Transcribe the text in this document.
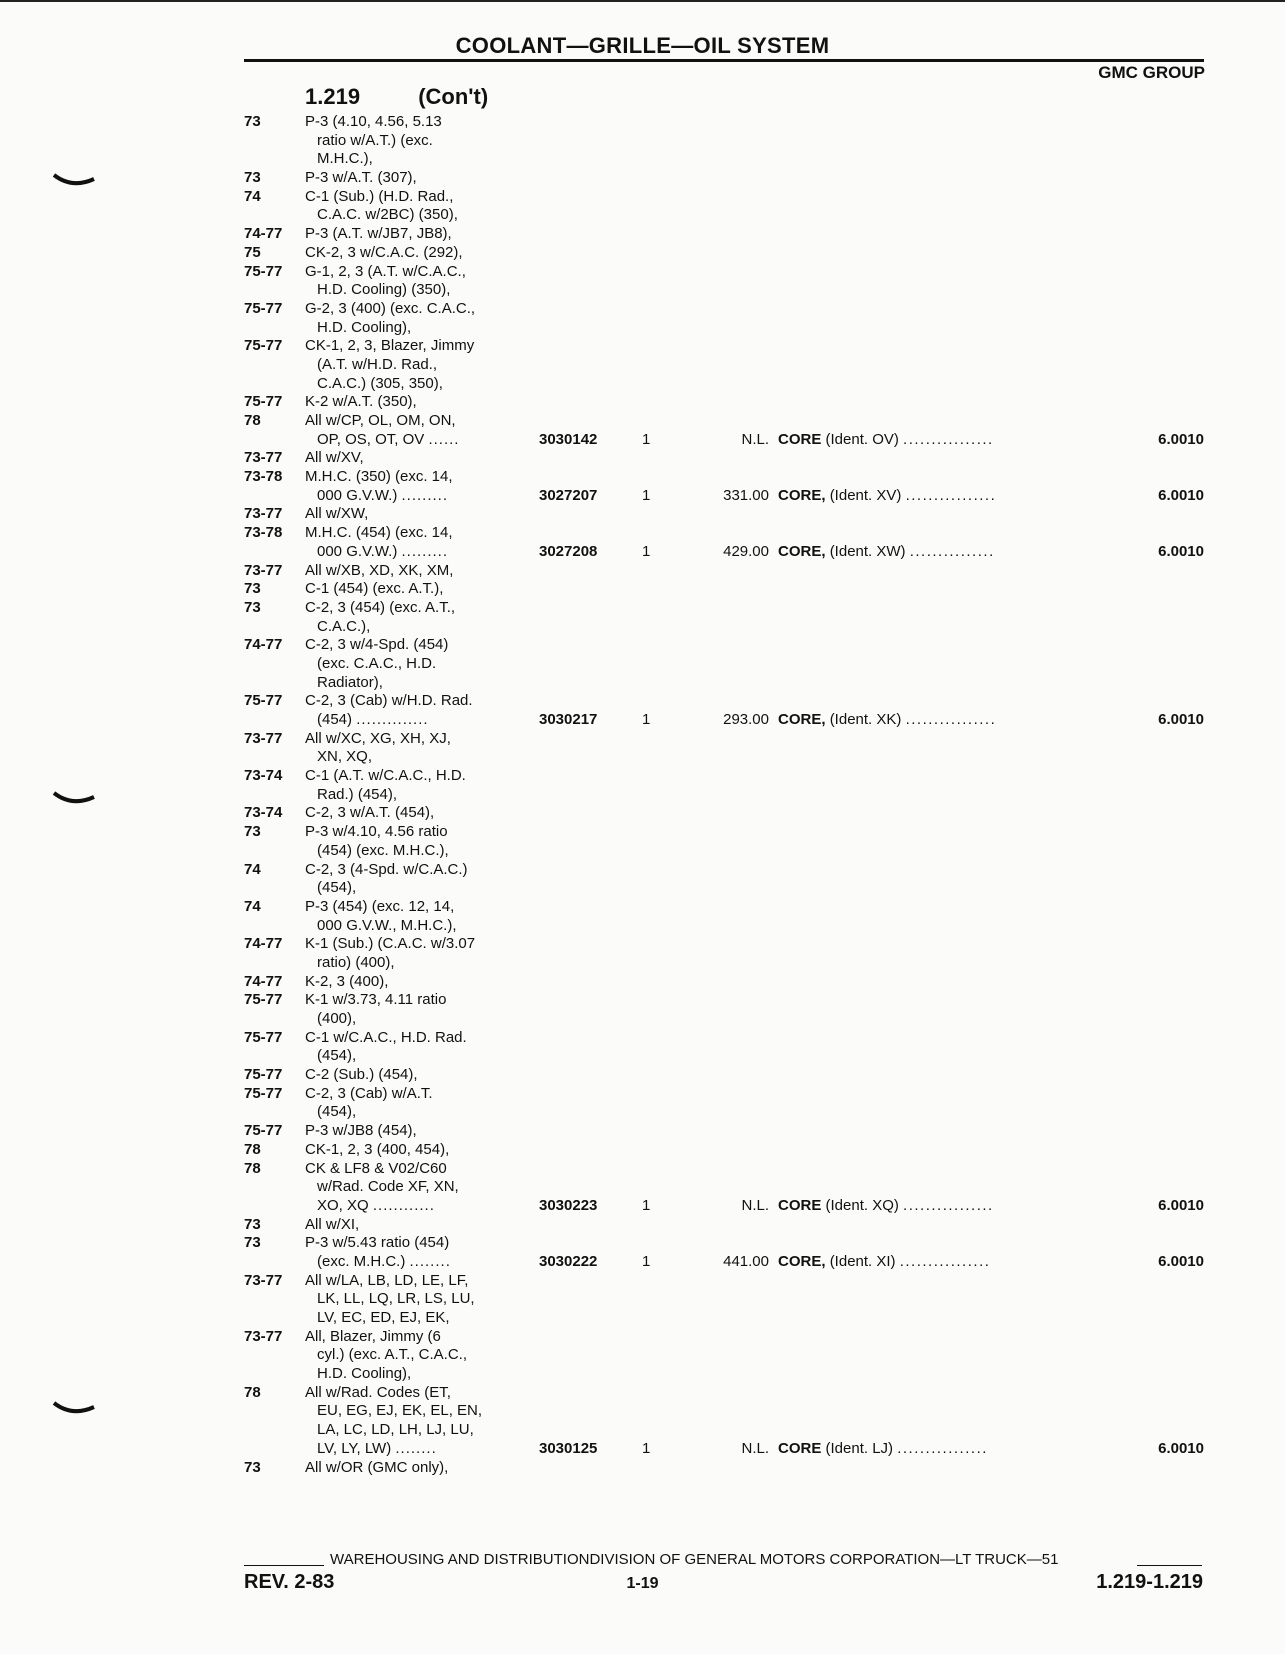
COOLANT—GRILLE—OIL SYSTEM
GMC GROUP
1.219	(Con't)
73	P-3 (4.10, 4.56, 5.13
ratio w/A.T.) (exc.
M.H.C.),
73	P-3 w/A.T. (307),
74	C-1 (Sub.) (H.D. Rad.,
C.A.C. w/2BC) (350),
74-77 P-3 (A.T. w/JB7, JB8),
75	CK-2, 3 w/C.A.C. (292),
75-77 G-1, 2, 3 (A.T. w/C.A.C.,
H.D. Cooling) (350),
75-77 G-2, 3 (400) (exc. C.A.C.,
H.D. Cooling),
75-77 CK-1, 2, 3, Blazer, Jimmy
(A.T. w/H.D. Rad.,
C.A.C.) (305, 350),
75-77 K-2 w/A.T. (350),
78	All w/CP, OL, OM, ON,
OP, OS, OT, OV ......	3030142	1	N.L. CORE (Ident. OV) ................	6.0010
73-77 All w/XV,
73-78 M.H.C. (350) (exc. 14,
000 G.V.W.) .........	3027207	1	331.00 CORE, (Ident. XV) ................	6.0010
73-77 All w/XW,
73-78 M.H.C. (454) (exc. 14,
000 G.V.W.) .........	3027208	1	429.00 CORE, (Ident. XW) ...............	6.0010
73-77 All w/XB, XD, XK, XM,
73	C-1 (454) (exc. A.T.),
73	C-2, 3 (454) (exc. A.T.,
C.A.C.),
74-77 C-2, 3 w/4-Spd. (454)
(exc. C.A.C., H.D.
Radiator),
75-77 C-2, 3 (Cab) w/H.D. Rad.
(454) ..............	3030217	1	293.00 CORE, (Ident. XK) ................	6.0010
73-77 All w/XC, XG, XH, XJ,
XN, XQ,
73-74 C-1 (A.T. w/C.A.C., H.D.
Rad.) (454),
73-74 C-2, 3 w/A.T. (454),
73	P-3 w/4.10, 4.56 ratio
(454) (exc. M.H.C.),
74	C-2, 3 (4-Spd. w/C.A.C.)
(454),
74	P-3 (454) (exc. 12, 14,
000 G.V.W., M.H.C.),
74-77 K-1 (Sub.) (C.A.C. w/3.07
ratio) (400),
74-77 K-2, 3 (400),
75-77 K-1 w/3.73, 4.11 ratio
(400),
75-77 C-1 w/C.A.C., H.D. Rad.
(454),
75-77 C-2 (Sub.) (454),
75-77 C-2, 3 (Cab) w/A.T.
(454),
75-77 P-3 w/JB8 (454),
78	CK-1, 2, 3 (400, 454),
78	CK & LF8 & V02/C60
w/Rad. Code XF, XN,
XO, XQ ............	3030223	1	N.L. CORE (Ident. XQ) ................	6.0010
73	All w/XI,
73	P-3 w/5.43 ratio (454)
(exc. M.H.C.) ........	3030222	1	441.00 CORE, (Ident. XI) ................	6.0010
73-77 All w/LA, LB, LD, LE, LF,
LK, LL, LQ, LR, LS, LU,
LV, EC, ED, EJ, EK,
73-77 All, Blazer, Jimmy (6
cyl.) (exc. A.T., C.A.C.,
H.D. Cooling),
78	All w/Rad. Codes (ET,
EU, EG, EJ, EK, EL, EN,
LA, LC, LD, LH, LJ, LU,
LV, LY, LW) ........	3030125	1	N.L. CORE (Ident. LJ) ................	6.0010
73	All w/OR (GMC only),
WAREHOUSING AND DISTRIBUTIONDIVISION OF GENERAL MOTORS CORPORATION—LT TRUCK—51
REV. 2-83	1-19	1.219-1.219
